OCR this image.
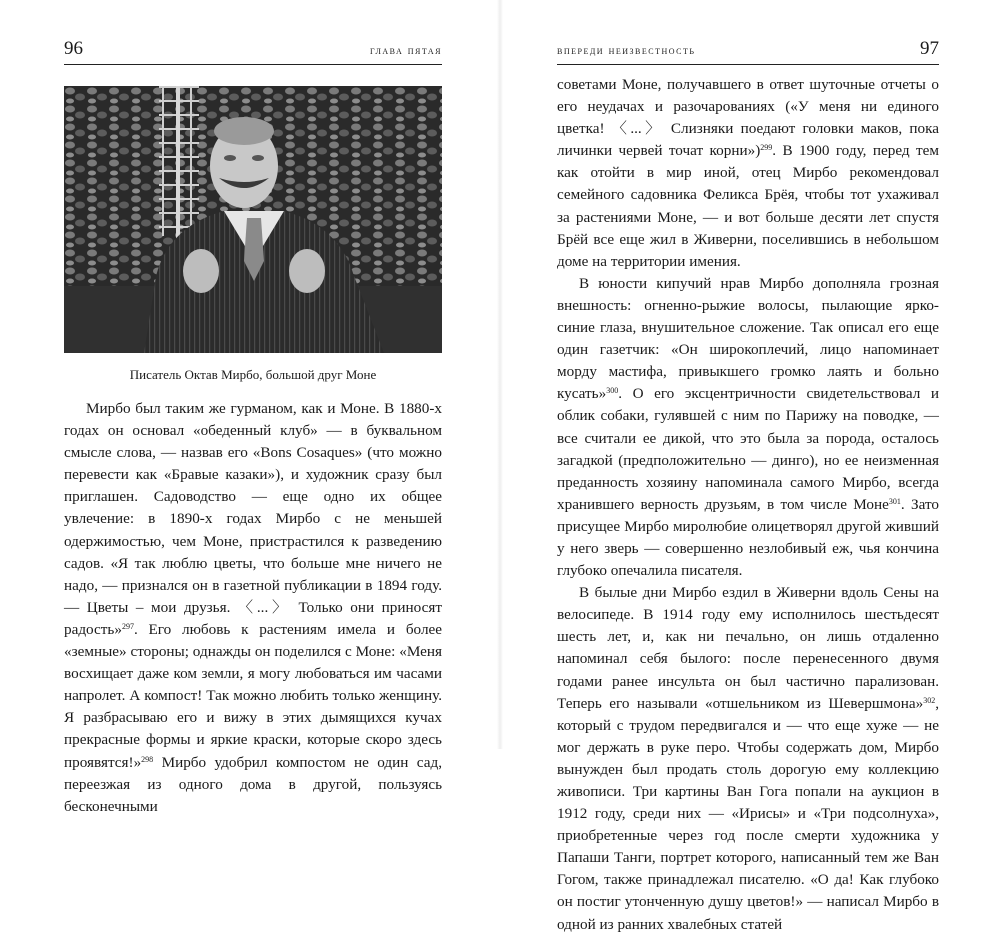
96	глава пятая
Писатель Октав Мирбо, большой друг Моне

Мирбо был таким же гурманом, как и Моне. В 1880-х годах он основал «обеденный клуб» — в буквальном смысле слова, — назвав его «Bons Cosaques» (что можно перевести как «Бравые казаки»), и художник сразу был приглашен. Садоводство — еще одно их общее увлечение: в 1890-х годах Мирбо с не меньшей одержимостью, чем Моне, пристрастился к разведению садов. «Я так люблю цветы, что больше мне ничего не надо, — признался он в газетной публикации в 1894 году. — Цветы – мои друзья. 〈...〉 Только они приносят радость»$^{297}$. Его любовь к растениям имела и более «земные» стороны; однажды он поделился с Моне: «Меня восхищает даже ком земли, я могу любоваться им часами напролет. А компост! Так можно любить только женщину. Я разбрасываю его и вижу в этих дымящихся кучах прекрасные формы и яркие краски, которые скоро здесь проявятся!»$^{298}$ Мирбо удобрил компостом не один сад, переезжая из одного дома в другой, пользуясь бесконечными

впереди неизвестность	97

советами Моне, получавшего в ответ шуточные отчеты о его неудачах и разочарованиях («У меня ни единого цветка! 〈...〉 Слизняки поедают головки маков, пока личинки червей точат корни»)$^{299}$. В 1900 году, перед тем как отойти в мир иной, отец Мирбо рекомендовал семейного садовника Феликса Брёя, чтобы тот ухаживал за растениями Моне, — и вот больше десяти лет спустя Брёй все еще жил в Живерни, поселившись в небольшом доме на территории имения.

В юности кипучий нрав Мирбо дополняла грозная внешность: огненно-рыжие волосы, пылающие ярко-синие глаза, внушительное сложение. Так описал его еще один газетчик: «Он широкоплечий, лицо напоминает морду мастифа, привыкшего громко лаять и больно кусать»$^{300}$. О его эксцентричности свидетельствовал и облик собаки, гулявшей с ним по Парижу на поводке, — все считали ее дикой, что это была за порода, осталось загадкой (предположительно — динго), но ее неизменная преданность хозяину напоминала самого Мирбо, всегда хранившего верность друзьям, в том числе Моне$^{301}$. Зато присущее Мирбо миролюбие олицетворял другой живший у него зверь — совершенно незлобивый еж, чья кончина глубоко опечалила писателя.

В былые дни Мирбо ездил в Живерни вдоль Сены на велосипеде. В 1914 году ему исполнилось шестьдесят шесть лет, и, как ни печально, он лишь отдаленно напоминал себя былого: после перенесенного двумя годами ранее инсульта он был частично парализован. Теперь его называли «отшельником из Шевершмона»$^{302}$, который с трудом передвигался и — что еще хуже — не мог держать в руке перо. Чтобы содержать дом, Мирбо вынужден был продать столь дорогую ему коллекцию живописи. Три картины Ван Гога попали на аукцион в 1912 году, среди них — «Ирисы» и «Три подсолнуха», приобретенные через год после смерти художника у Папаши Танги, портрет которого, написанный тем же Ван Гогом, также принадлежал писателю. «О да! Как глубоко он постиг утонченную душу цветов!» — написал Мирбо в одной из ранних хвалебных статей
